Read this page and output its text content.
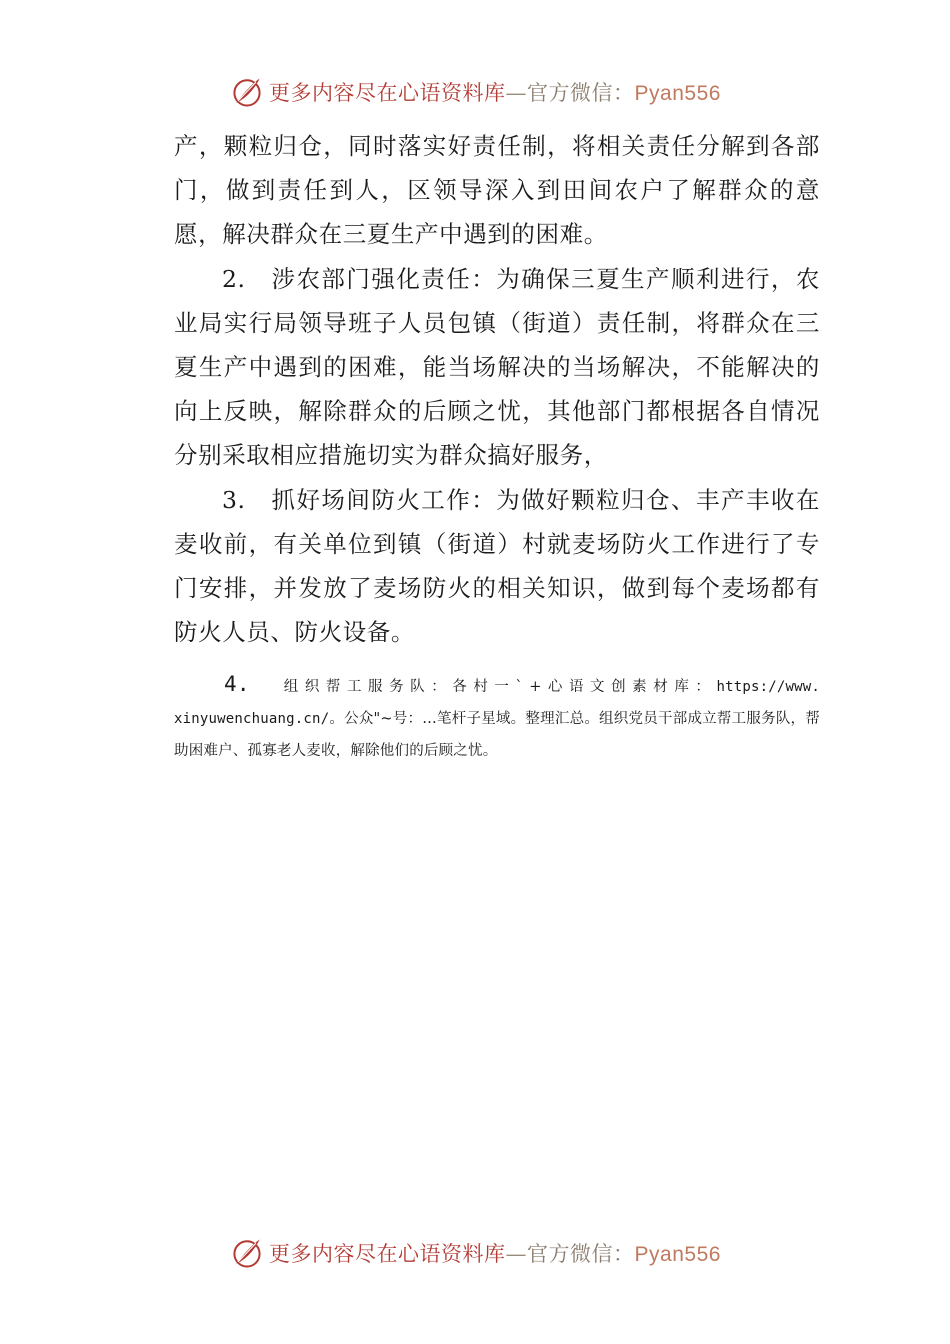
更多内容尽在心语资料库—官方微信：Pyan556

产，颗粒归仓，同时落实好责任制，将相关责任分解到各部门，做到责任到人，区领导深入到田间农户了解群众的意愿，解决群众在三夏生产中遇到的困难。

2.　涉农部门强化责任：为确保三夏生产顺利进行，农业局实行局领导班子人员包镇（街道）责任制，将群众在三夏生产中遇到的困难，能当场解决的当场解决，不能解决的向上反映，解除群众的后顾之忧，其他部门都根据各自情况分别采取相应措施切实为群众搞好服务，

3.　抓好场间防火工作：为做好颗粒归仓、丰产丰收在麦收前，有关单位到镇（街道）村就麦场防火工作进行了专门安排，并发放了麦场防火的相关知识，做到每个麦场都有防火人员、防火设备。

4. 组织帮工服务队：各村一`+心语文创素材库：https://www.xinyuwenchuang.cn/。公众"~号：…笔杆子星域。整理汇总。组织党员干部成立帮工服务队，帮助困难户、孤寡老人麦收，解除他们的后顾之忧。

更多内容尽在心语资料库—官方微信：Pyan556
